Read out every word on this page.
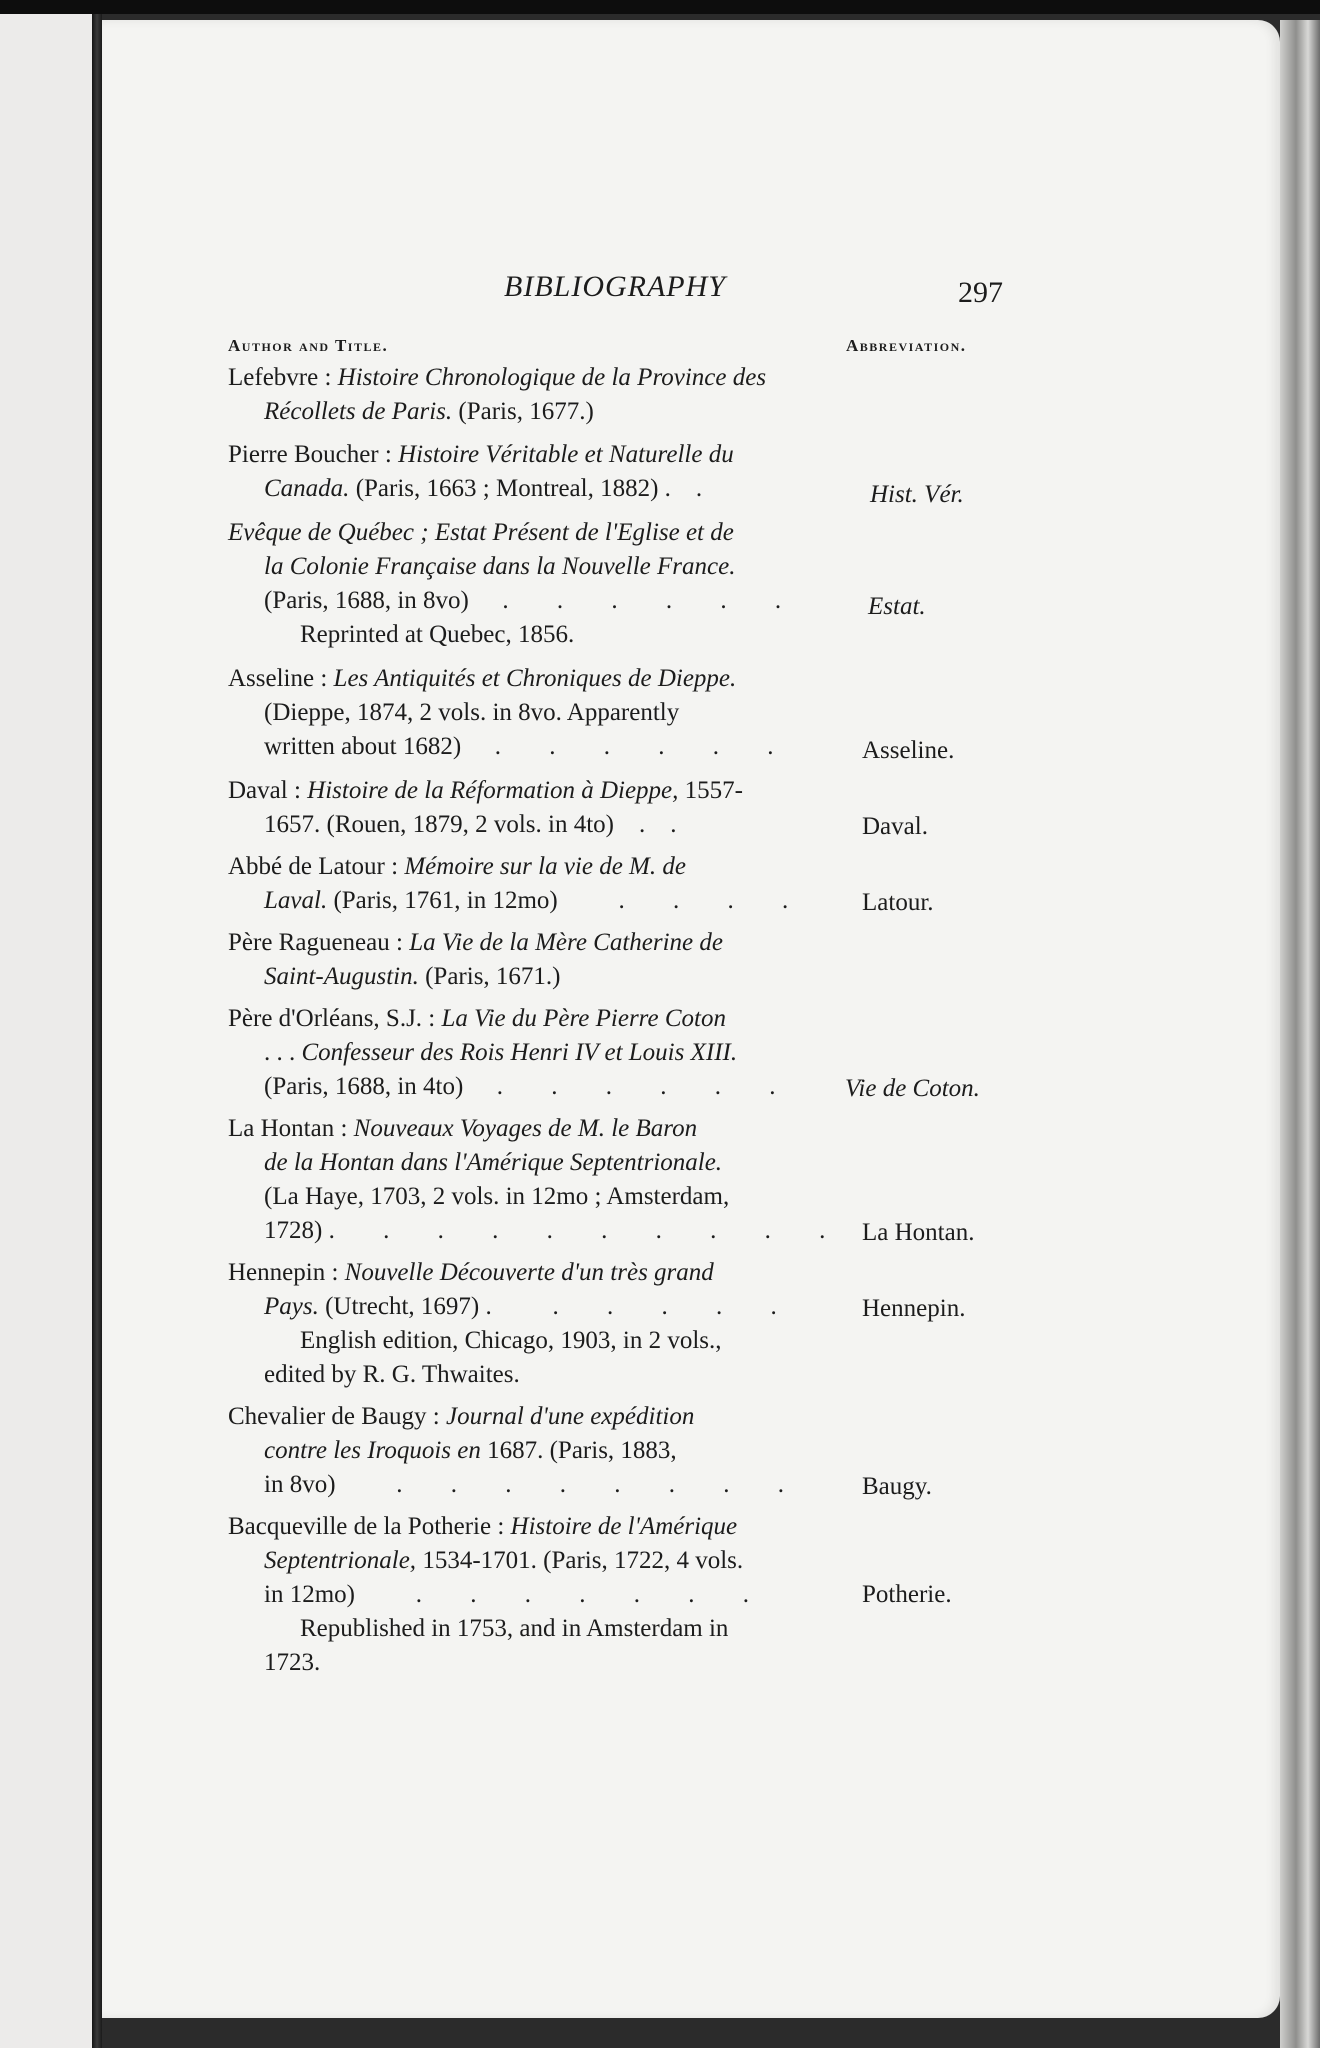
BIBLIOGRAPHY	297
Author and Title.	Abbreviation.
Lefebvre : Histoire Chronologique de la Province des
Récollets de Paris. (Paris, 1677.)
Pierre Boucher : Histoire Véritable et Naturelle du
Canada. (Paris, 1663 ; Montreal, 1882) .    .
Evêque de Québec ; Estat Présent de l'Eglise et de
la Colonie Française dans la Nouvelle France.
(Paris, 1688, in 8vo)  . . . . . .
Reprinted at Quebec, 1856.
Asseline : Les Antiquités et Chroniques de Dieppe.
(Dieppe, 1874, 2 vols. in 8vo. Apparently
written about 1682)  . . . . . .
Daval : Histoire de la Réformation à Dieppe, 1557-
1657. (Rouen, 1879, 2 vols. in 4to)    .    .
Abbé de Latour : Mémoire sur la vie de M. de
Laval. (Paris, 1761, in 12mo)   . . . .
Père Ragueneau : La Vie de la Mère Catherine de
Saint-Augustin. (Paris, 1671.)
Père d'Orléans, S.J. : La Vie du Père Pierre Coton
. . . Confesseur des Rois Henri IV et Louis XIII.
(Paris, 1688, in 4to)  . . . . . .
La Hontan : Nouveaux Voyages de M. le Baron
de la Hontan dans l'Amérique Septentrionale.
(La Haye, 1703, 2 vols. in 12mo ; Amsterdam,
1728) . . . . . . . . . .
Hennepin : Nouvelle Découverte d'un très grand
Pays. (Utrecht, 1697) .   . . . . .
English edition, Chicago, 1903, in 2 vols.,
edited by R. G. Thwaites.
Chevalier de Baugy : Journal d'une expédition
contre les Iroquois en 1687. (Paris, 1883,
in 8vo)   . . . . . . . .
Bacqueville de la Potherie : Histoire de l'Amérique
Septentrionale, 1534-1701. (Paris, 1722, 4 vols.
in 12mo)   . . . . . . .
Republished in 1753, and in Amsterdam in
1723.
Hist. Vér.
Estat.
Asseline.
Daval.
Latour.
Vie de Coton.
La Hontan.
Hennepin.
Baugy.
Potherie.
